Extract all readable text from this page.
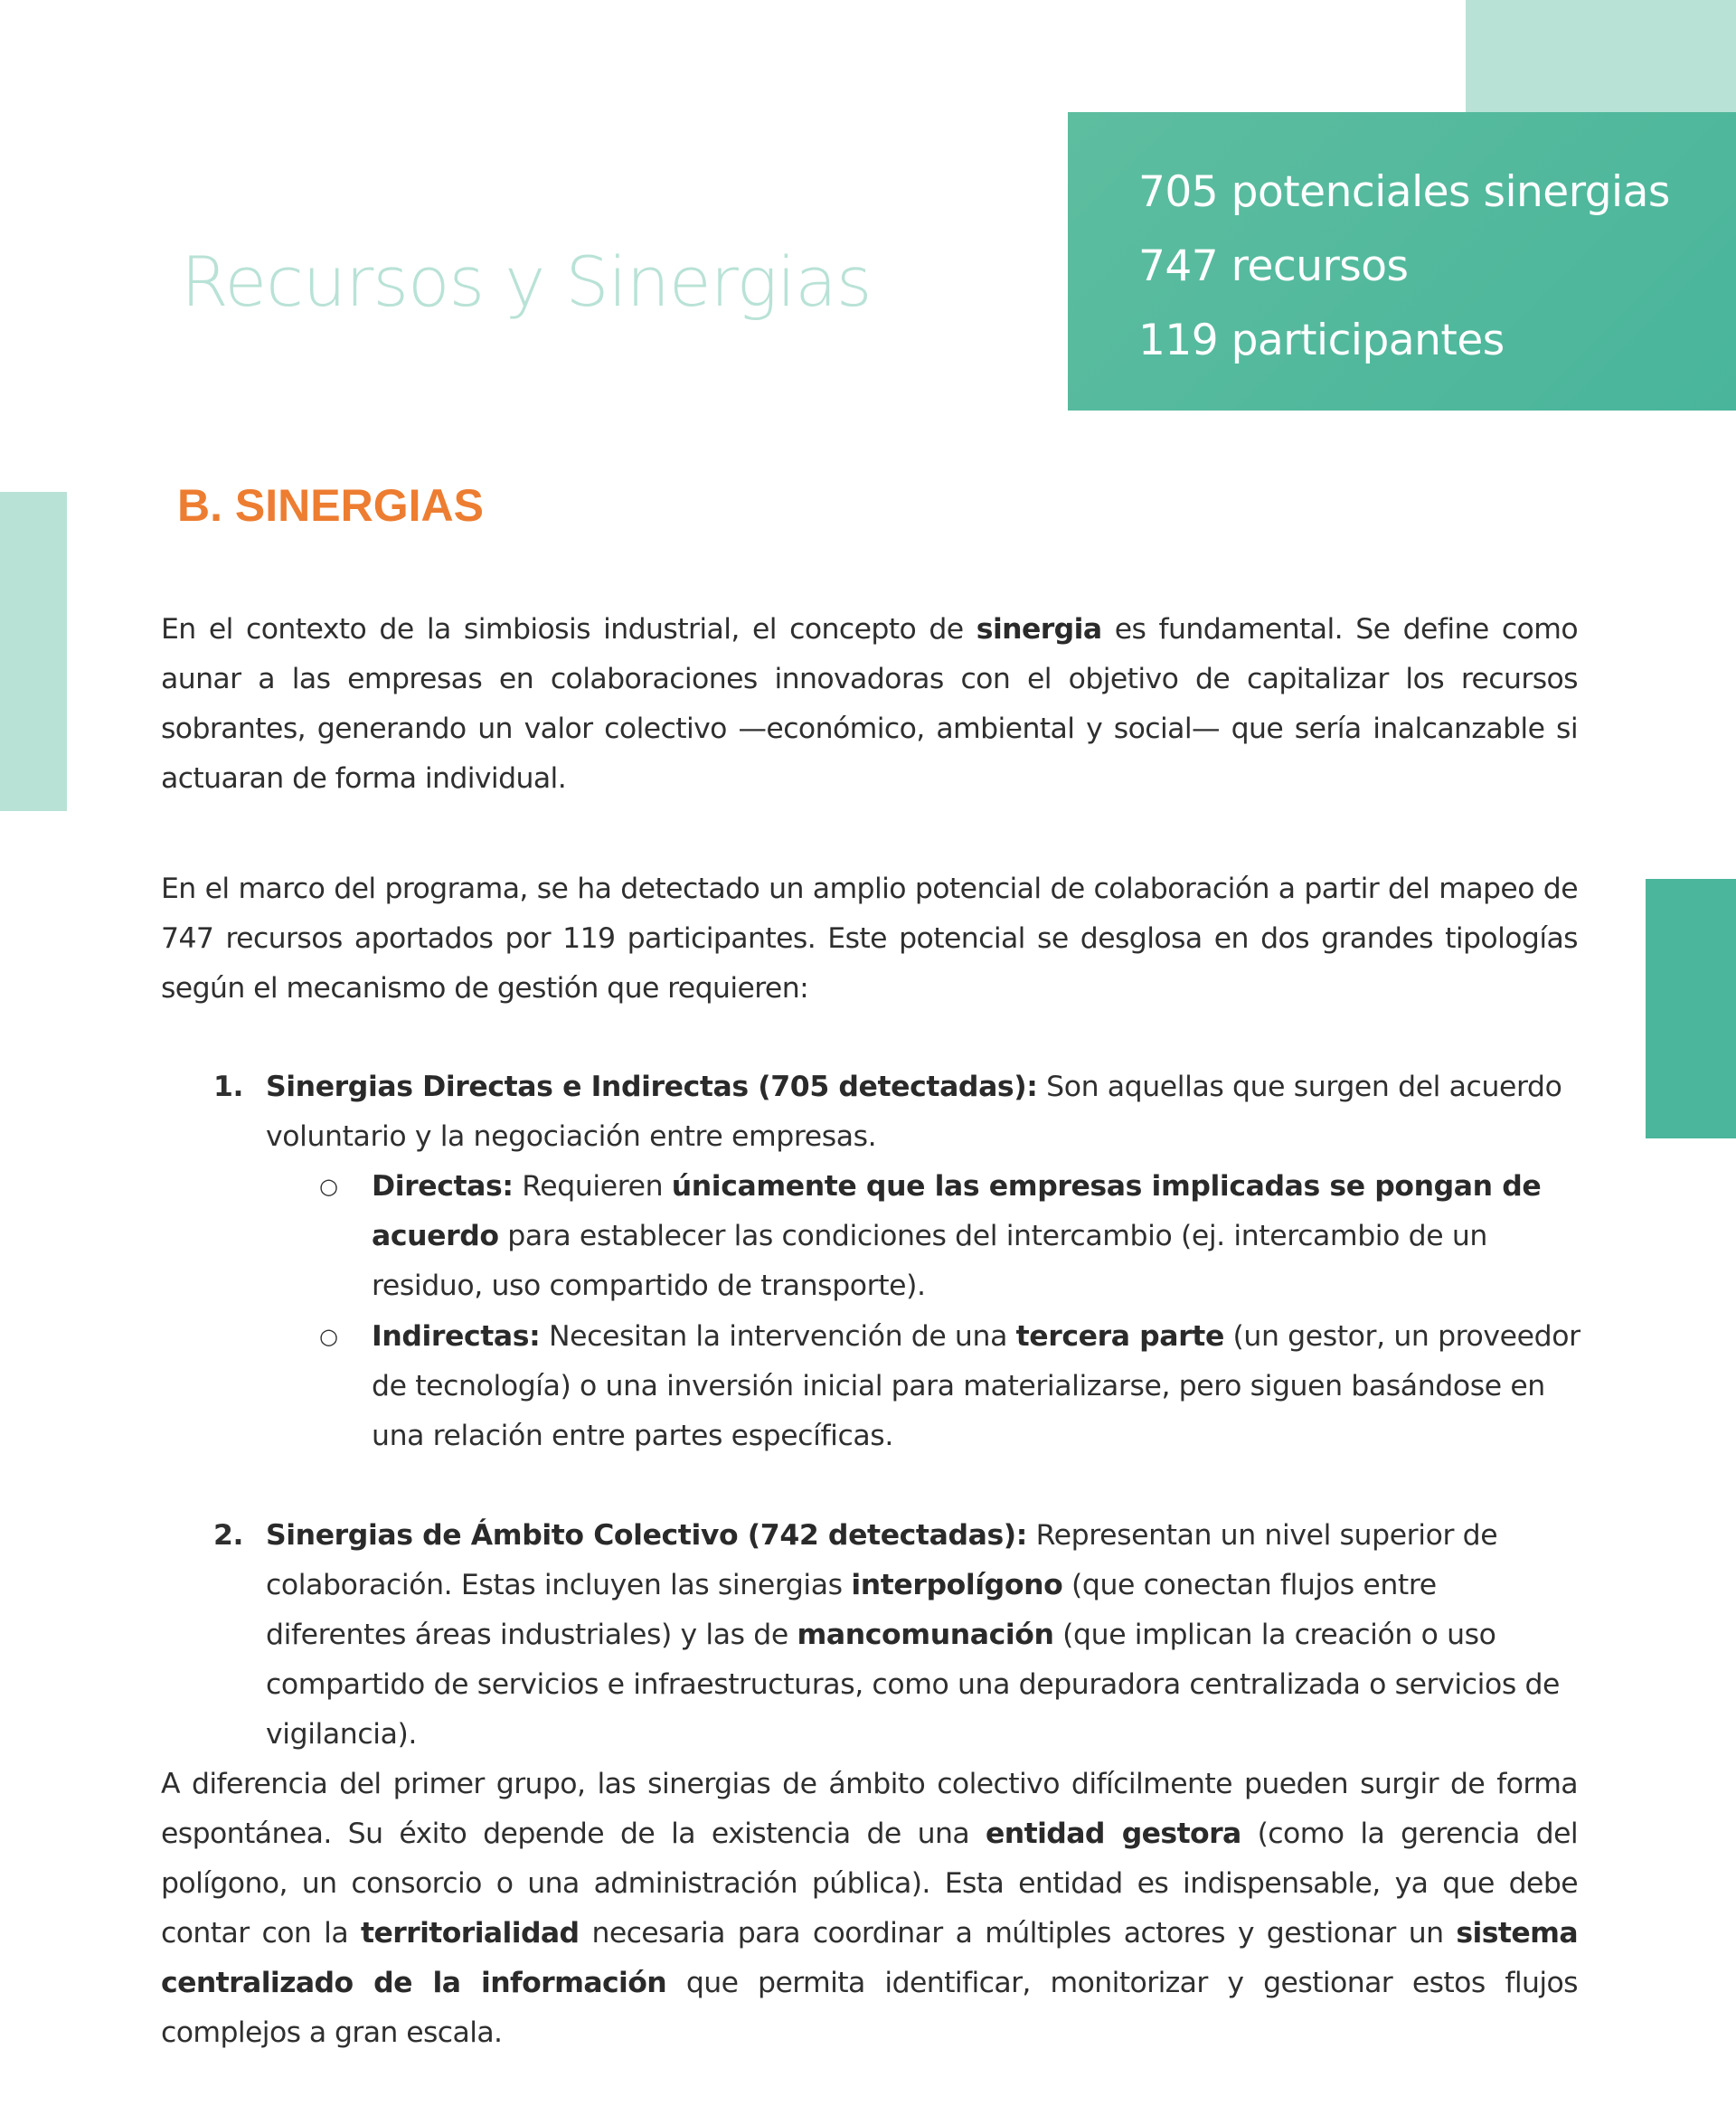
705 potenciales sinergias
747 recursos
119 participantes
Recursos y Sinergias
B. SINERGIAS

En el contexto de la simbiosis industrial, el concepto de sinergia es fundamental. Se define como aunar a las empresas en colaboraciones innovadoras con el objetivo de capitalizar los recursos sobrantes, generando un valor colectivo —económico, ambiental y social— que sería inalcanzable si actuaran de forma individual.

En el marco del programa, se ha detectado un amplio potencial de colaboración a partir del mapeo de 747 recursos aportados por 119 participantes. Este potencial se desglosa en dos grandes tipologías según el mecanismo de gestión que requieren:

1. Sinergias Directas e Indirectas (705 detectadas): Son aquellas que surgen del acuerdo voluntario y la negociación entre empresas.
○ Directas: Requieren únicamente que las empresas implicadas se pongan de acuerdo para establecer las condiciones del intercambio (ej. intercambio de un residuo, uso compartido de transporte).
○ Indirectas: Necesitan la intervención de una tercera parte (un gestor, un proveedor de tecnología) o una inversión inicial para materializarse, pero siguen basándose en una relación entre partes específicas.
2. Sinergias de Ámbito Colectivo (742 detectadas): Representan un nivel superior de colaboración. Estas incluyen las sinergias interpolígono (que conectan flujos entre diferentes áreas industriales) y las de mancomunación (que implican la creación o uso compartido de servicios e infraestructuras, como una depuradora centralizada o servicios de vigilancia).

A diferencia del primer grupo, las sinergias de ámbito colectivo difícilmente pueden surgir de forma espontánea. Su éxito depende de la existencia de una entidad gestora (como la gerencia del polígono, un consorcio o una administración pública). Esta entidad es indispensable, ya que debe contar con la territorialidad necesaria para coordinar a múltiples actores y gestionar un sistema centralizado de la información que permita identificar, monitorizar y gestionar estos flujos complejos a gran escala.
